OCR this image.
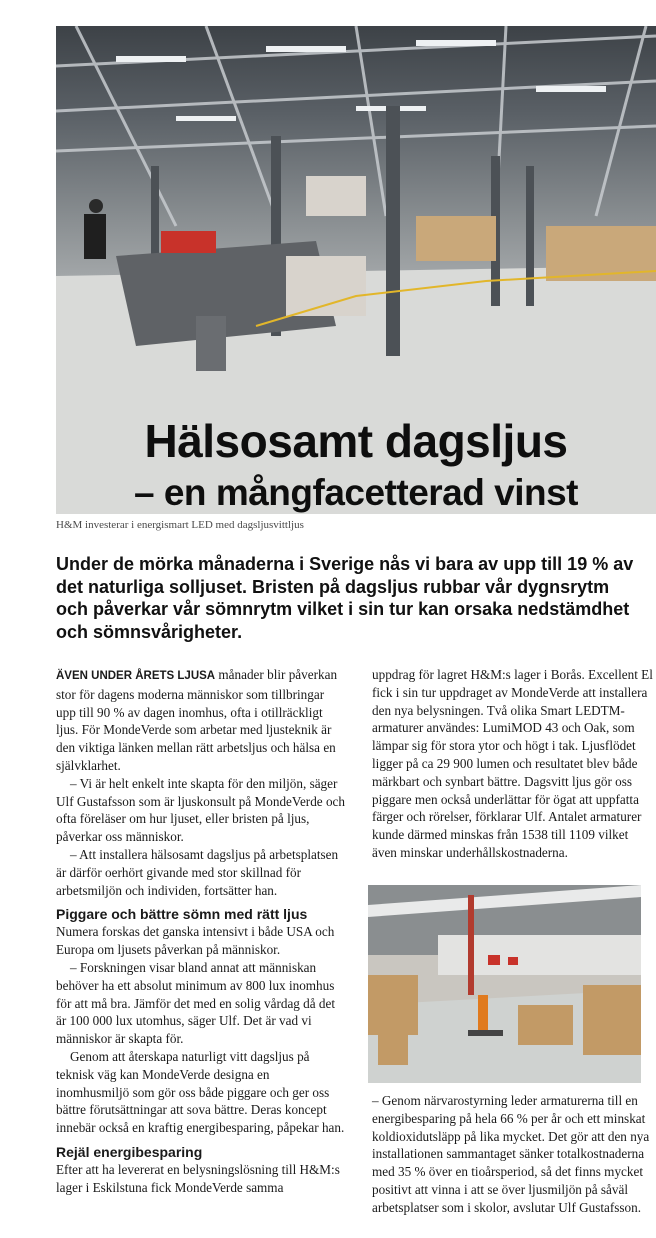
Hälsosamt dagsljus
– en mångfacetterad vinst
H&M investerar i energismart LED med dagsljusvittljus
Under de mörka månaderna i Sverige nås vi bara av upp till 19 % av det naturliga solljuset. Bristen på dagsljus rubbar vår dygnsrytm och påverkar vår sömnrytm vilket i sin tur kan orsaka nedstämdhet och sömnsvårigheter.

ÄVEN UNDER ÅRETS LJUSA månader blir påverkan stor för dagens moderna människor som tillbringar upp till 90 % av dagen inomhus, ofta i otillräckligt ljus. För MondeVerde som arbetar med ljusteknik är den viktiga länken mellan rätt arbetsljus och hälsa en självklarhet.

– Vi är helt enkelt inte skapta för den miljön, säger Ulf Gustafsson som är ljuskonsult på MondeVerde och ofta föreläser om hur ljuset, eller bristen på ljus, påverkar oss människor.

– Att installera hälsosamt dagsljus på arbetsplatsen är därför oerhört givande med stor skillnad för arbetsmiljön och individen, fortsätter han.

Piggare och bättre sömn med rätt ljus

Numera forskas det ganska intensivt i både USA och Europa om ljusets påverkan på människor.

– Forskningen visar bland annat att människan behöver ha ett absolut minimum av 800 lux inomhus för att må bra. Jämför det med en solig vårdag då det är 100 000 lux utomhus, säger Ulf. Det är vad vi människor är skapta för.

Genom att återskapa naturligt vitt dagsljus på teknisk väg kan MondeVerde designa en inomhusmiljö som gör oss både piggare och ger oss bättre förutsättningar att sova bättre. Deras koncept innebär också en kraftig energibesparing, påpekar han.

Rejäl energibesparing

Efter att ha levererat en belysningslösning till H&M:s lager i Eskilstuna fick MondeVerde samma

uppdrag för lagret H&M:s lager i Borås. Excellent El fick i sin tur uppdraget av MondeVerde att installera den nya belysningen. Två olika Smart LEDTM-armaturer användes: LumiMOD 43 och Oak, som lämpar sig för stora ytor och högt i tak. Ljusflödet ligger på ca 29 900 lumen och resultatet blev både märkbart och synbart bättre. Dagsvitt ljus gör oss piggare men också underlättar för ögat att uppfatta färger och rörelser, förklarar Ulf. Antalet armaturer kunde därmed minskas från 1538 till 1109 vilket även minskar underhållskostnaderna.

– Genom närvarostyrning leder armaturerna till en energibesparing på hela 66 % per år och ett minskat koldioxidutsläpp på lika mycket. Det gör att den nya installationen sammantaget sänker totalkostnaderna med 35 % över en tioårsperiod, så det finns mycket positivt att vinna i att se över ljusmiljön på såväl arbetsplatser som i skolor, avslutar Ulf Gustafsson.
